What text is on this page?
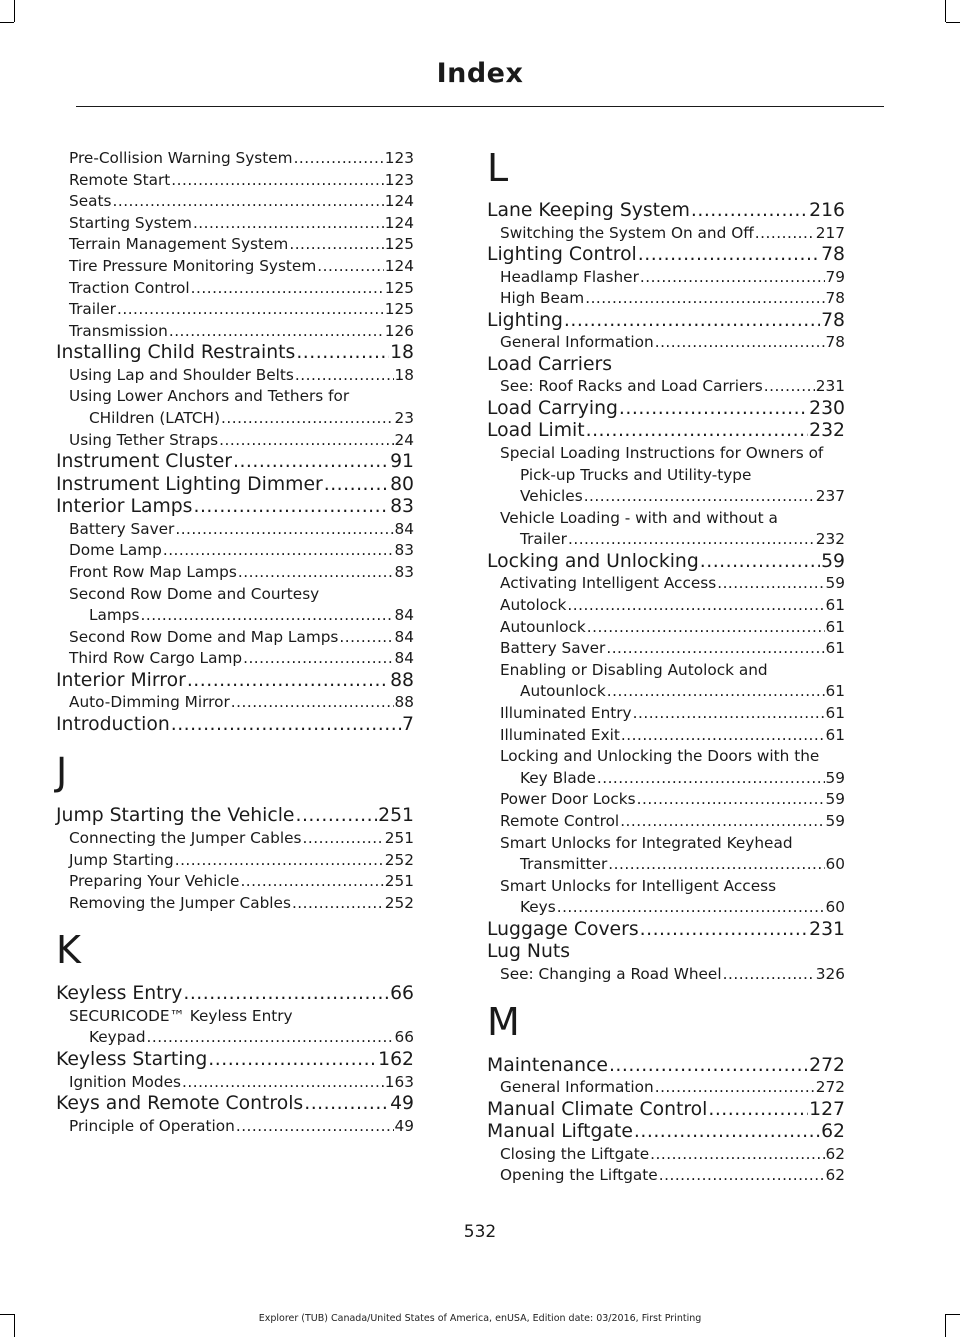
Index
Pre-Collision Warning System .....	123
Remote Start .....	123
Seats .....	124
Starting System .....	124
Terrain Management System .....	125
Tire Pressure Monitoring System .....	124
Traction Control .....	125
Trailer .....	125
Transmission .....	126
Installing Child Restraints .....	18
Using Lap and Shoulder Belts .....	18
Using Lower Anchors and Tethers for
CHildren (LATCH) .....	23
Using Tether Straps .....	24
Instrument Cluster .....	91
Instrument Lighting Dimmer .....	80
Interior Lamps .....	83
Battery Saver .....	84
Dome Lamp .....	83
Front Row Map Lamps .....	83
Second Row Dome and Courtesy
Lamps .....	84
Second Row Dome and Map Lamps .....	84
Third Row Cargo Lamp .....	84
Interior Mirror .....	88
Auto-Dimming Mirror .....	88
Introduction .....	7
J
Jump Starting the Vehicle .....	251
Connecting the Jumper Cables .....	251
Jump Starting .....	252
Preparing Your Vehicle .....	251
Removing the Jumper Cables .....	252
K
Keyless Entry .....	66
SECURICODE™ Keyless Entry
Keypad .....	66
Keyless Starting .....	162
Ignition Modes .....	163
Keys and Remote Controls .....	49
Principle of Operation .....	49
L
Lane Keeping System .....	216
Switching the System On and Off .....	217
Lighting Control .....	78
Headlamp Flasher .....	79
High Beam .....	78
Lighting .....	78
General Information .....	78
Load Carriers
See: Roof Racks and Load Carriers .....	231
Load Carrying .....	230
Load Limit .....	232
Special Loading Instructions for Owners of
Pick-up Trucks and Utility-type
Vehicles .....	237
Vehicle Loading - with and without a
Trailer .....	232
Locking and Unlocking .....	59
Activating Intelligent Access .....	59
Autolock .....	61
Autounlock .....	61
Battery Saver .....	61
Enabling or Disabling Autolock and
Autounlock .....	61
Illuminated Entry .....	61
Illuminated Exit .....	61
Locking and Unlocking the Doors with the
Key Blade .....	59
Power Door Locks .....	59
Remote Control .....	59
Smart Unlocks for Integrated Keyhead
Transmitter .....	60
Smart Unlocks for Intelligent Access
Keys .....	60
Luggage Covers .....	231
Lug Nuts
See: Changing a Road Wheel .....	326
M
Maintenance .....	272
General Information .....	272
Manual Climate Control .....	127
Manual Liftgate .....	62
Closing the Liftgate .....	62
Opening the Liftgate .....	62
532
Explorer (TUB) Canada/United States of America, enUSA, Edition date: 03/2016, First Printing
